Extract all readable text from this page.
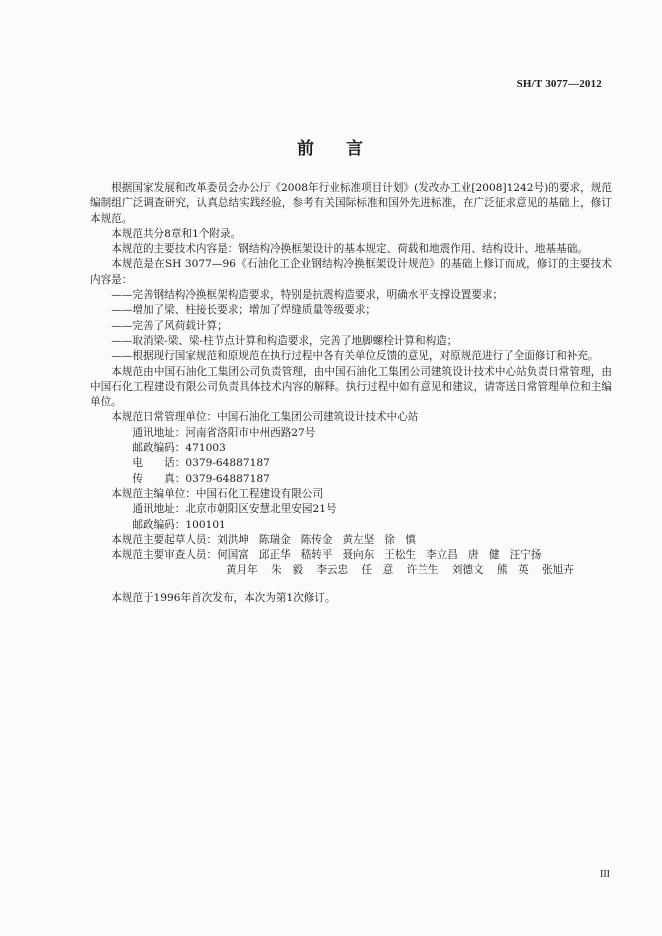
SH/T 3077—2012
前 言

根据国家发展和改革委员会办公厅《2008年行业标准项目计划》(发改办工业[2008]1242号)的要求，规范编制组广泛调查研究，认真总结实践经验，参考有关国际标准和国外先进标准，在广泛征求意见的基础上，修订本规范。

本规范共分8章和1个附录。

本规范的主要技术内容是：钢结构冷换框架设计的基本规定、荷载和地震作用、结构设计、地基基础。

本规范是在SH 3077—96《石油化工企业钢结构冷换框架设计规范》的基础上修订而成，修订的主要技术内容是：

——完善钢结构冷换框架构造要求，特别是抗震构造要求，明确水平支撑设置要求；

——增加了梁、柱接长要求；增加了焊缝质量等级要求；

——完善了风荷载计算；

——取消梁-梁、梁-柱节点计算和构造要求，完善了地脚螺栓计算和构造；

——根据现行国家规范和原规范在执行过程中各有关单位反馈的意见，对原规范进行了全面修订和补充。

本规范由中国石油化工集团公司负责管理，由中国石油化工集团公司建筑设计技术中心站负责日常管理，由中国石化工程建设有限公司负责具体技术内容的解释。执行过程中如有意见和建议，请寄送日常管理单位和主编单位。

本规范日常管理单位：中国石油化工集团公司建筑设计技术中心站

通讯地址：河南省洛阳市中州西路27号

邮政编码：471003

电　　话：0379-64887187

传　　真：0379-64887187

本规范主编单位：中国石化工程建设有限公司

通讯地址：北京市朝阳区安慧北里安园21号

邮政编码：100101

本规范主要起草人员： 刘洪坤 陈瑞金 陈传金 黄左坚 徐　慎
本规范主要审查人员： 何国富 邱正华 嵇转平 聂向东 王松生 李立昌 唐　健 汪宁扬

黄月年 朱　毅 李云忠 任　意 许兰生 刘德文 熊　英 张旭卉

本规范于1996年首次发布，本次为第1次修订。

III
